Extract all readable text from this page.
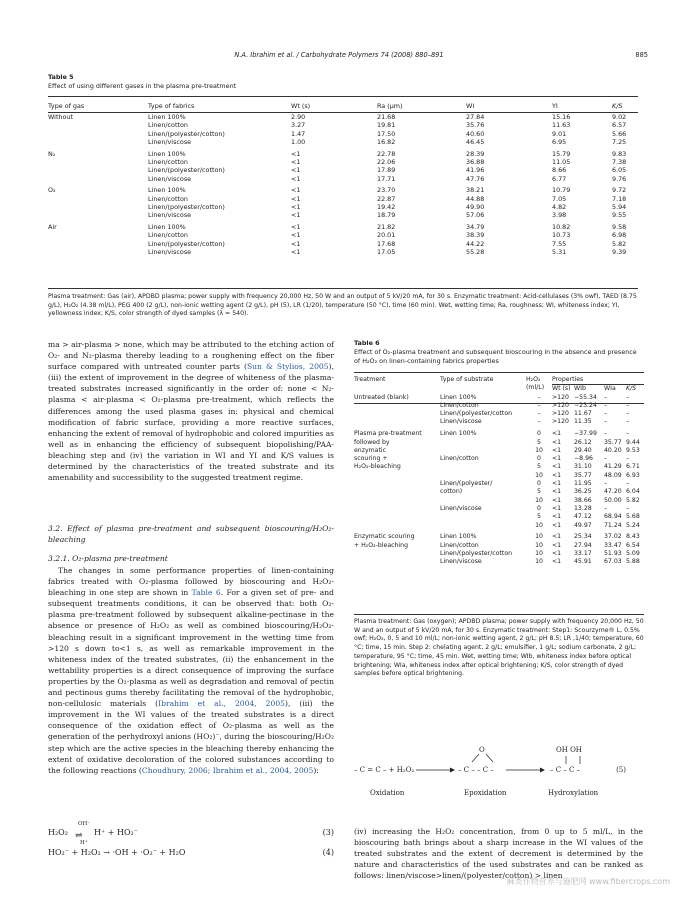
N.A. Ibrahim et al. / Carbohydrate Polymers 74 (2008) 880–891	885
Table 5
Effect of using different gases in the plasma pre-treatment
Type of gas	Type of fabrics	Wt (s)	Ra (μm)	WI	YI	K/S
Without	Linen 100%	2.90	21.68	27.84	15.16	9.02
	Linen/cotton	3.27	19.81	35.76	11.63	6.57
	Linen/(polyester/cotton)	1.47	17.50	40.60	9.01	5.66
	Linen/viscose	1.00	16.82	46.45	6.95	7.25
N₂	Linen 100%	<1	22.78	28.39	15.79	9.83
	Linen/cotton	<1	22.06	36.88	11.05	7.38
	Linen/(polyester/cotton)	<1	17.89	41.96	8.66	6.05
	Linen/viscose	<1	17.71	47.76	6.77	9.76
O₂	Linen 100%	<1	23.70	38.21	10.79	9.72
	Linen/cotton	<1	22.87	44.88	7.05	7.18
	Linen/(polyester/cotton)	<1	19.42	49.90	4.82	5.94
	Linen/viscose	<1	18.79	57.06	3.98	9.55
Air	Linen 100%	<1	21.82	34.79	10.82	9.58
	Linen/cotton	<1	20.01	38.39	10.73	6.98
	Linen/(polyester/cotton)	<1	17.68	44.22	7.55	5.82
	Linen/viscose	<1	17.05	55.28	5.31	9.39
Plasma treatment: Gas (air), APDBD plasma; power supply with frequency 20,000 Hz, 50 W and an output of 5 kV/20 mA, for 30 s. Enzymatic treatment: Acid-cellulases (3% owf), TAED (8.75 g/L), H₂O₂ (4.38 ml/L), PEG 400 (2 g/L), non-ionic wetting agent (2 g/L), pH (5), LR (1/20), temperature (50 °C), time (60 min). Wet, wetting time; Ra, roughness; WI, whiteness index; YI, yellowness index; K/S, color strength of dyed samples (λ = 540).
ma > air-plasma > none, which may be attributed to the etching action of O₂- and N₂-plasma thereby leading to a roughening effect on the fiber surface compared with untreated counter parts (Sun & Stylios, 2005), (iii) the extent of improvement in the degree of whiteness of the plasma-treated substrates increased significantly in the order of: none < N₂-plasma < air-plasma < O₂-plasma pre-treatment, which reflects the differences among the used plasma gases in: physical and chemical modification of fabric surface, providing a more reactive surfaces, enhancing the extent of removal of hydrophobic and colored impurities as well as in enhancing the efficiency of subsequent biopolishing/PAA-bleaching step and (iv) the variation in WI and YI and K/S values is determined by the characteristics of the treated substrate and its amenability and successibility to the suggested treatment regime.
3.2. Effect of plasma pre-treatment and subsequent bioscouring/H₂O₂-bleaching
3.2.1. O₂-plasma pre-treatment
The changes in some performance properties of linen-containing fabrics treated with O₂-plasma followed by bioscouring and H₂O₂-bleaching in one step are shown in Table 6. For a given set of pre- and subsequent treatments conditions, it can be observed that: both O₂-plasma pre-treatment followed by subsequent alkaline-pectinase in the absence or presence of H₂O₂ as well as combined bioscouring/H₂O₂-bleaching result in a significant improvement in the wetting time from >120 s down to<1 s, as well as remarkable improvement in the whiteness index of the treated substrates, (ii) the enhancement in the wettability properties is a direct consequence of improving the surface properties by the O₂-plasma as well as degradation and removal of pectin and pectinous gums thereby facilitating the removal of the hydrophobic, non-cellulosic materials (Ibrahim et al., 2004, 2005), (iii) the improvement in the WI values of the treated substrates is a direct consequence of the oxidation effect of O₂-plasma as well as the generation of the perhydroxyl anions (HO₂)⁻, during the bioscouring/H₂O₂ step which are the active species in the bleaching thereby enhancing the extent of oxidative decoloration of the colored substances according to the following reactions (Choudhury, 2006; Ibrahim et al., 2004, 2005):
H₂O₂
OH⁻
⇌
H⁺
H⁺ + HO₂⁻	(3)
HO₂⁻ + H₂O₂ → ·OH + ·O₂⁻ + H₂O	(4)
Table 6
Effect of O₂-plasma treatment and subsequent bioscouring in the absence and presence of H₂O₂ on linen-containing fabrics properties
Treatment	Type of substrate	H₂O₂ (ml/L)	Properties			
			Wt (s)	WIb	WIa	K/S
Untreated (blank)	Linen 100%	–	>120	−55.34	–	–
	Linen/cotton	–	>120	−23.24	–	–
	Linen/(polyester/cotton	–	>120	11.67	–	–
	Linen/viscose	–	>120	11.35	–	–
Plasma pre-treatment	Linen 100%	0	<1	−37.99	–	–
followed by		5	<1	26.12	35.77	9.44
enzymatic		10	<1	29.40	40.20	9.53
scouring +	Linen/cotton	0	<1	−8.96	–	–
H₂O₂-bleaching		5	<1	31.10	41.29	6.71
		10	<1	35.77	48.09	6.93
	Linen/(polyester/	0	<1	11.95	–	–
	cotton)	5	<1	36.25	47.20	6.04
		10	<1	38.66	50.00	5.82
	Linen/viscose	0	<1	13.28	–	–
		5	<1	47.12	68.94	5.68
		10	<1	49.97	71.24	5.24
Enzymatic scouring	Linen 100%	10	<1	25.34	37.02	8.43
+ H₂O₂-bleaching	Linen/cotton	10	<1	27.94	33.47	6.54
	Linen/(polyester/cotton	10	<1	33.17	51.93	5.09
	Linen/viscose	10	<1	45.91	67.03	5.88
Plasma treatment: Gas (oxygen); APDBD plasma; power supply with frequency 20,000 Hz, 50 W and an output of 5 kV/20 mA, for 30 s. Enzymatic treatment: Step1: Scourzyme® L, 0.5% owf; H₂O₂, 0, 5 and 10 ml/L; non-ionic wetting agent, 2 g/L; pH 8.5; LR ,1/40; temperature, 60 °C; time, 15 min. Step 2: chelating agent, 2 g/L; emulsifier, 1 g/L; sodium carbonate, 2 g/L; temperature, 95 °C; time, 45 min. Wet, wetting time; WIb, whiteness index before optical brightening; WIa, whiteness index after optical brightening; K/S, color strength of dyed samples before optical brightening.
– C = C – + H₂O₂
O
– C – – C –
OH OH
– C – C –	(5)
Oxidation	Epoxidation	Hydroxylation
(iv) increasing the H₂O₂ concentration, from 0 up to 5 ml/L, in the bioscouring bath brings about a sharp increase in the WI values of the treated substrates and the extent of decrement is determined by the nature and characteristics of the used substrates and can be ranked as follows: linen/viscose>linen/(polyester/cotton) > linen
麻类作物营养与施肥网 www.fibercrops.com
